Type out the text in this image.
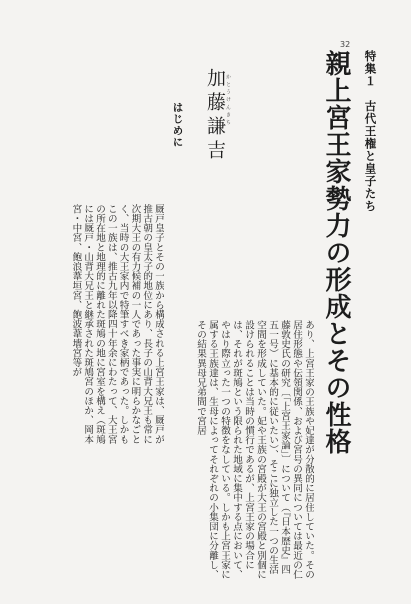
32
特集１　古代王権と皇子たち
親上宮王家勢力の形成とその性格
かとうけんきち
加藤謙吉
はじめに
厩戸皇子とその一族から構成される上宮王家は、厩戸が推古朝の皇太子的地位にあり、長子の山背大兄王も常に次期大王の有力候補の一人であった事実に明らかなごとく、当時の大王家内で特筆すべき家柄であった。しかもこの一族は、推古九年以降四十年余にわたって、大王宮の所在地と地理的に離れた斑鳩の地に宮室を構え（斑鳩には厩戸・山背大兄王と継承された斑鳩宮のほか、岡本宮・中宮、飽浪葦垣宮、飽波葦墻宮等が
あり、上宮王家の王族や妃達が分散的に居住していた。その居住形態や伝領関係、および宮号の異同については最近の仁藤敦史氏の研究〔「上宮王家論」〕について（『日本歴史』四五一号）に基本的に従いたい）、そこに独立した一つの生活空間を形成していた。妃や王族の宮殿が大王の宮殿と別個に設けられることは当時の慣行であるが、上宮王家の場合には、それが斑鳩という限られた地域に集中する点において、やはり際立った一つの特徴をなしている。しかも上宮王家に属する王族達は、生母によってそれぞれの小集団に分離し、その結果異母兄弟間で宮居
